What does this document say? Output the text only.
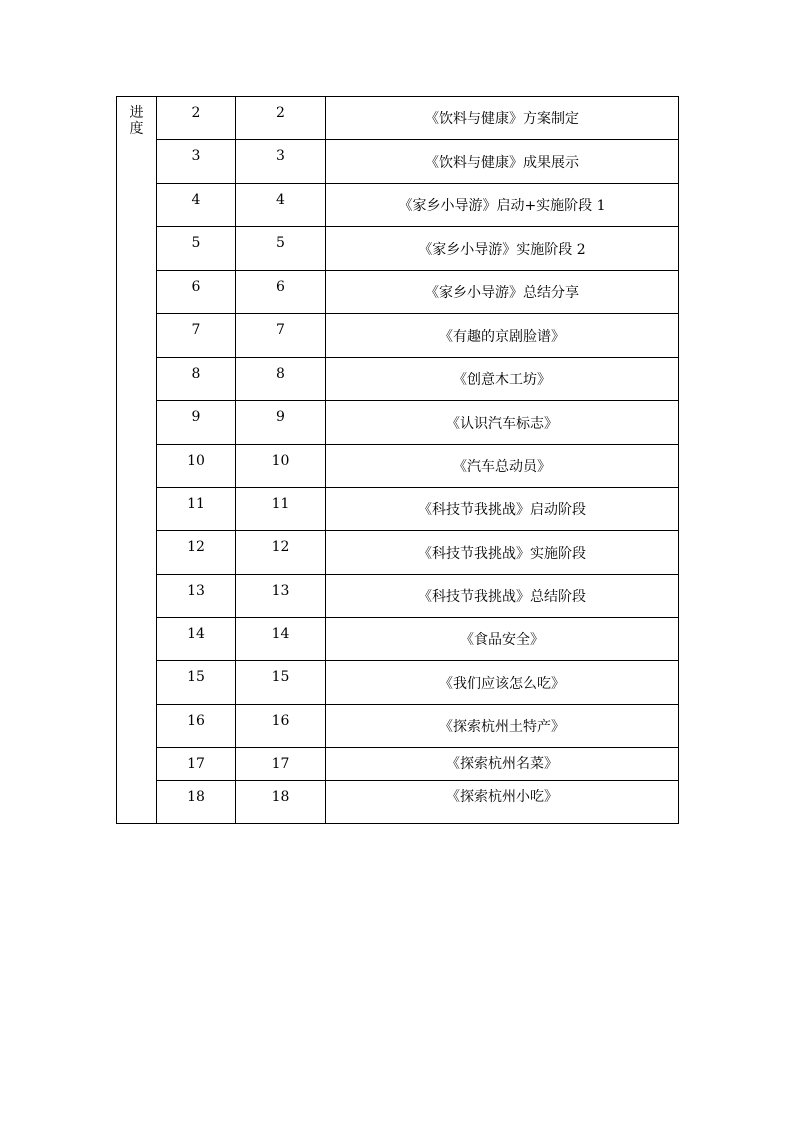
进
度	2	2	《饮料与健康》方案制定
	3	3	《饮料与健康》成果展示
	4	4	《家乡小导游》启动+实施阶段 1
	5	5	《家乡小导游》实施阶段 2
	6	6	《家乡小导游》总结分享
	7	7	《有趣的京剧脸谱》
	8	8	《创意木工坊》
	9	9	《认识汽车标志》
	10	10	《汽车总动员》
	11	11	《科技节我挑战》启动阶段
	12	12	《科技节我挑战》实施阶段
	13	13	《科技节我挑战》总结阶段
	14	14	《食品安全》
	15	15	《我们应该怎么吃》
	16	16	《探索杭州土特产》
	17	17	《探索杭州名菜》
	18	18	《探索杭州小吃》
